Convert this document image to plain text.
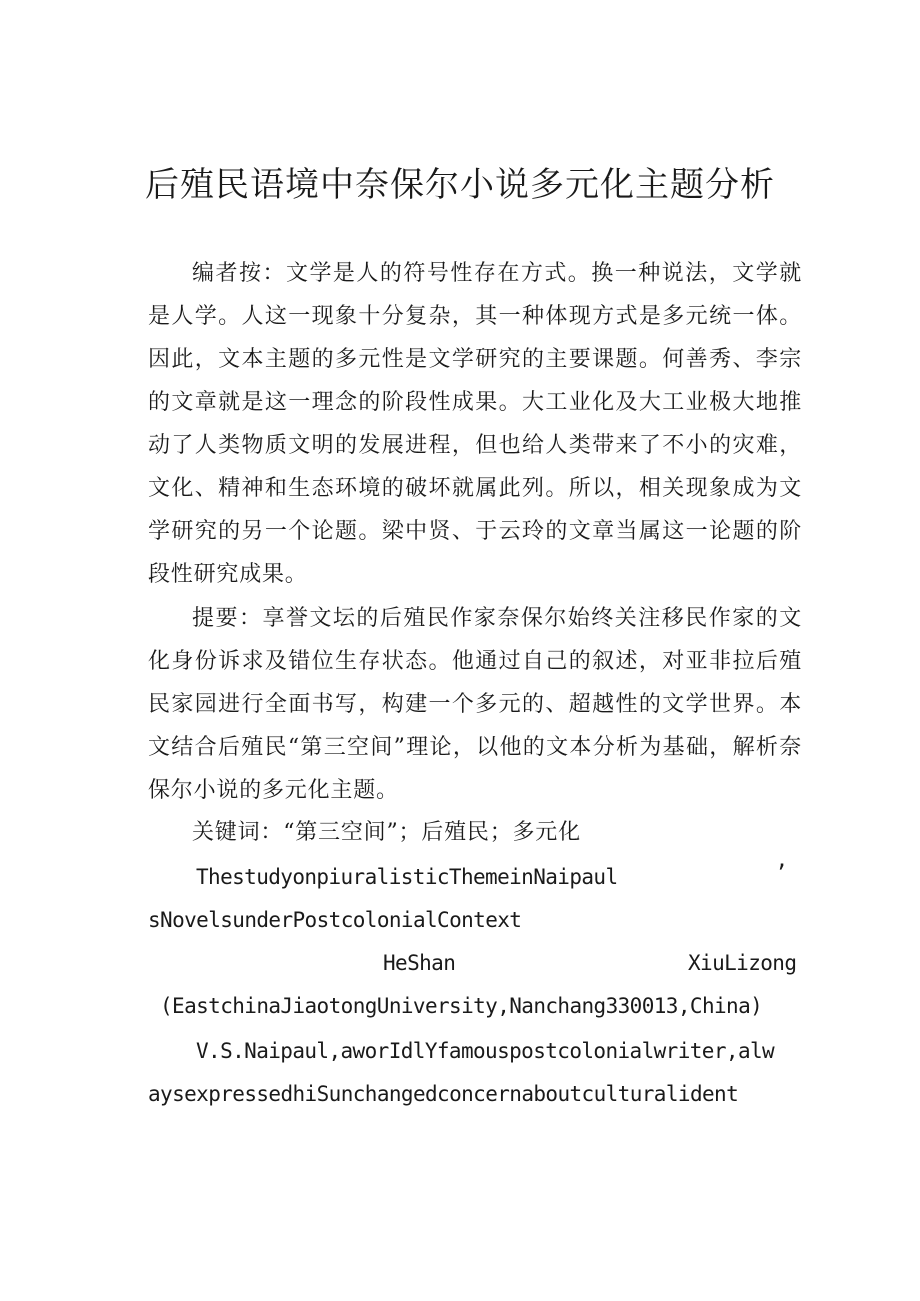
后殖民语境中奈保尔小说多元化主题分析

编者按：文学是人的符号性存在方式。换一种说法，文学就是人学。人这一现象十分复杂，其一种体现方式是多元统一体。因此，文本主题的多元性是文学研究的主要课题。何善秀、李宗的文章就是这一理念的阶段性成果。大工业化及大工业极大地推动了人类物质文明的发展进程，但也给人类带来了不小的灾难，文化、精神和生态环境的破坏就属此列。所以，相关现象成为文学研究的另一个论题。梁中贤、于云玲的文章当属这一论题的阶段性研究成果。

提要：享誉文坛的后殖民作家奈保尔始终关注移民作家的文化身份诉求及错位生存状态。他通过自己的叙述，对亚非拉后殖民家园进行全面书写，构建一个多元的、超越性的文学世界。本文结合后殖民“第三空间”理论，以他的文本分析为基础，解析奈保尔小说的多元化主题。

关键词：“第三空间”；后殖民；多元化

ThestudyonpiuralisticThemeinNaipaul	’
sNovelsunderPostcolonialContext
HeShan	XiuLizong
(EastchinaJiaotongUniversity,Nanchang330013,China)
V.S.Naipaul,aworIdlYfamouspostcolonialwriter,alw
aysexpressedhiSunchangedconcernaboutculturalident
